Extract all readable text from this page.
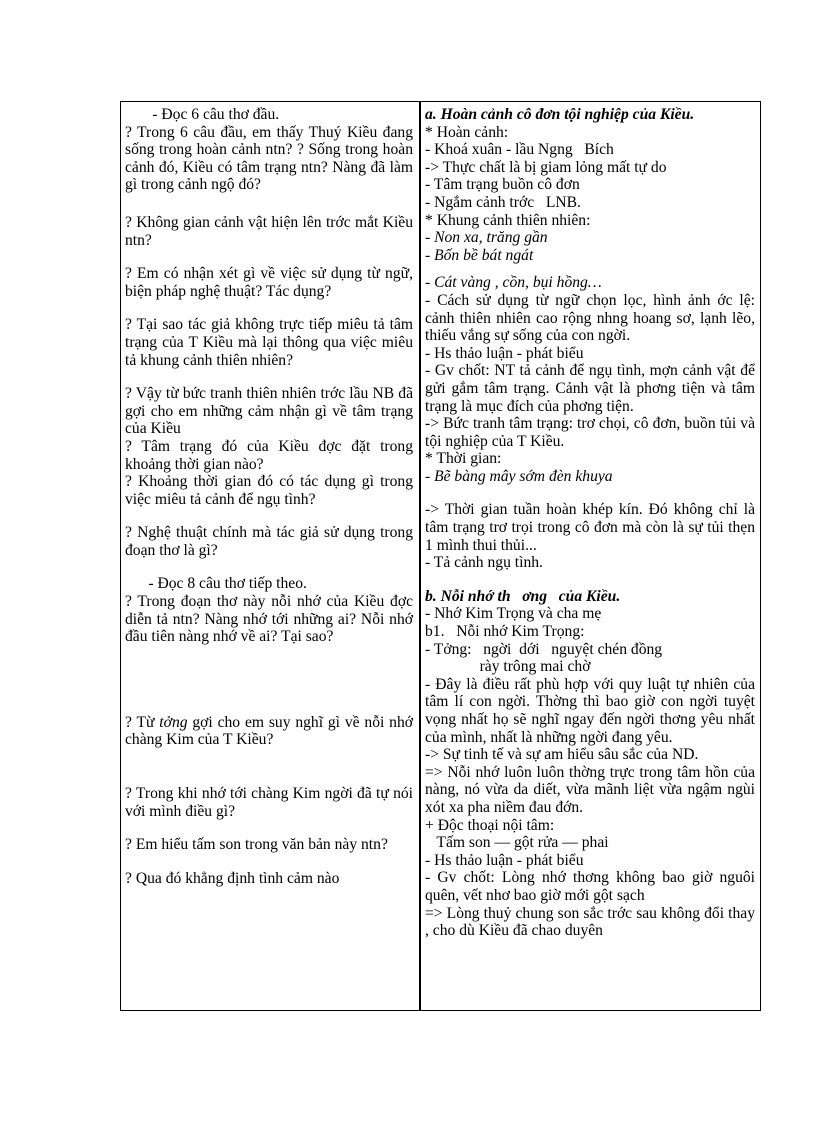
- Đọc 6 câu thơ đầu.
? Trong 6 câu đầu, em thấy Thuý Kiều đang sống trong hoàn cảnh ntn? ? Sống trong hoàn cảnh đó, Kiều có tâm trạng ntn? Nàng đã làm gì trong cảnh ngộ đó?
? Không gian cảnh vật hiện lên trớc mắt Kiều ntn?
? Em có nhận xét gì về việc sử dụng từ ngữ, biện pháp nghệ thuật? Tác dụng?
? Tại sao tác giả không trực tiếp miêu tả tâm trạng của T Kiều mà lại thông qua việc miêu tả khung cảnh thiên nhiên?
? Vậy từ bức tranh thiên nhiên trớc lầu NB đã gợi cho em những cảm nhận gì về tâm trạng của Kiều
? Tâm trạng đó của Kiều đợc đặt trong khoảng thời gian nào?
? Khoảng thời gian đó có tác dụng gì trong việc miêu tả cảnh để ngụ tình?
? Nghệ thuật chính mà tác giả sử dụng trong đoạn thơ là gì?
- Đọc 8 câu thơ tiếp theo.
? Trong đoạn thơ này nỗi nhớ của Kiều đợc diễn tả ntn? Nàng nhớ tới những ai? Nỗi nhớ đầu tiên nàng nhớ về ai? Tại sao?
? Từ tởng gợi cho em suy nghĩ gì về nỗi nhớ chàng Kim của T Kiều?
? Trong khi nhớ tới chàng Kim ngời đã tự nói với mình điều gì?
? Em hiểu tấm son trong văn bản này ntn?
? Qua đó khẳng định tình cảm nào
a. Hoàn cảnh cô đơn tội nghiệp của Kiều.
* Hoàn cảnh:
- Khoá xuân - lầu Ngng   Bích
-> Thực chất là bị giam lỏng mất tự do
- Tâm trạng buồn cô đơn
- Ngắm cảnh trớc   LNB.
* Khung cảnh thiên nhiên:
- Non xa, trăng gần
- Bốn bề bát ngát
- Cát vàng , cồn, bụi hồng…
- Cách sử dụng từ ngữ chọn lọc, hình ảnh ớc lệ: cảnh thiên nhiên cao rộng nhng hoang sơ, lạnh lẽo, thiếu vắng sự sống của con ngời.
- Hs thảo luận - phát biểu
- Gv chốt: NT tả cảnh để ngụ tình, mợn cảnh vật để gửi gắm tâm trạng. Cảnh vật là phơng tiện và tâm trạng là mục đích của phơng tiện.
-> Bức tranh tâm trạng: trơ chọi, cô đơn, buồn tủi và tội nghiệp của T Kiều.
* Thời gian:
- Bẽ bàng mây sớm đèn khuya
-> Thời gian tuần hoàn khép kín. Đó không chỉ là tâm trạng trơ trọi trong cô đơn mà còn là sự tủi thẹn 1 mình thui thủi...
- Tả cảnh ngụ tình.
b. Nỗi nhớ th   ơng   của Kiều.
- Nhớ Kim Trọng và cha mẹ
b1.   Nỗi nhớ Kim Trọng:
- Tởng:   ngời  dới   nguyệt chén đồng
rày trông mai chờ
- Đây là điều rất phù hợp với quy luật tự nhiên của tâm lí con ngời. Thờng thì bao giờ con ngời tuyệt vọng nhất họ sẽ nghĩ ngay đến ngời thơng yêu nhất của mình, nhất là những ngời đang yêu.
-> Sự tinh tế và sự am hiểu sâu sắc của ND.
=> Nỗi nhớ luôn luôn thờng trực trong tâm hồn của nàng, nó vừa da diết, vừa mãnh liệt vừa ngậm ngùi xót xa pha niềm đau đớn.
+ Độc thoại nội tâm:
Tấm son — gột rửa — phai
- Hs thảo luận - phát biểu
- Gv chốt: Lòng nhớ thơng không bao giờ nguôi quên, vết nhơ bao giờ mới gột sạch
=> Lòng thuỷ chung son sắc trớc sau không đổi thay , cho dù Kiều đã chao duyên
